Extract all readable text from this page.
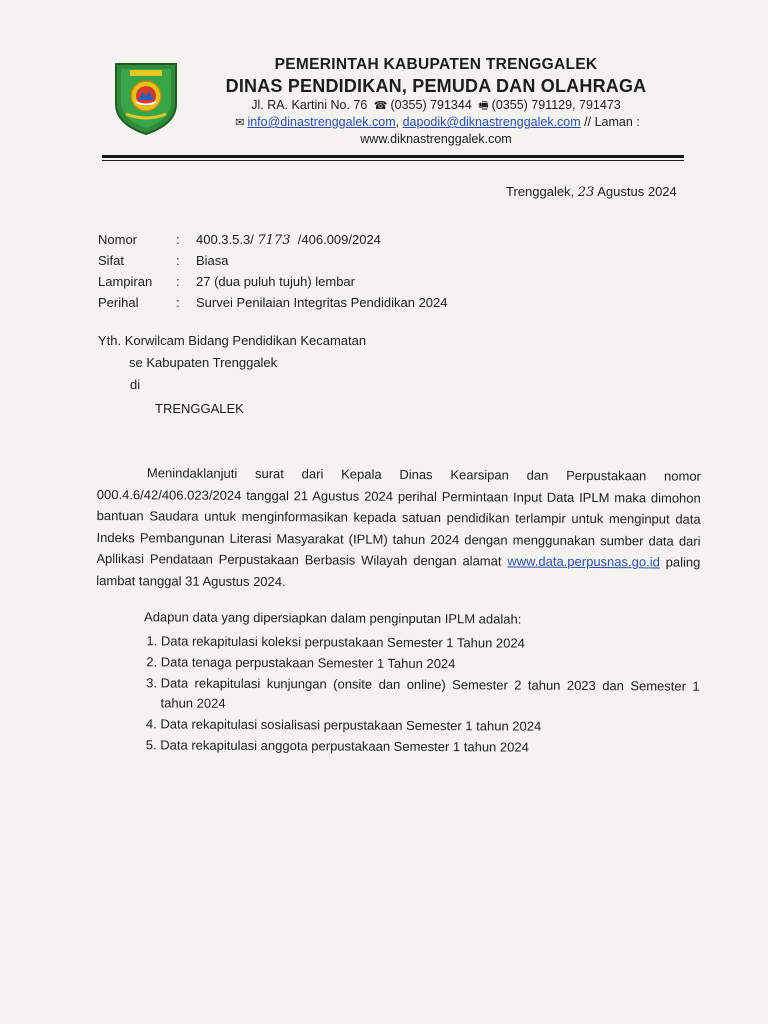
PEMERINTAH KABUPATEN TRENGGALEK
DINAS PENDIDIKAN, PEMUDA DAN OLAHRAGA
Jl. RA. Kartini No. 76 ☎ (0355) 791344 🖷 (0355) 791129, 791473
✉ info@dinastrenggalek.com, dapodik@diknastrenggalek.com // Laman :
www.diknastrenggalek.com
Trenggalek, 23 Agustus 2024
Nomor	:	400.3.5.3/ 7173 /406.009/2024
Sifat	:	Biasa
Lampiran	:	27 (dua puluh tujuh) lembar
Perihal	:	Survei Penilaian Integritas Pendidikan 2024
Yth. Korwilcam Bidang Pendidikan Kecamatan
se Kabupaten Trenggalek
di
TRENGGALEK

Menindaklanjuti surat dari Kepala Dinas Kearsipan dan Perpustakaan nomor 000.4.6/42/406.023/2024 tanggal 21 Agustus 2024 perihal Permintaan Input Data IPLM maka dimohon bantuan Saudara untuk menginformasikan kepada satuan pendidikan terlampir untuk menginput data Indeks Pembangunan Literasi Masyarakat (IPLM) tahun 2024 dengan menggunakan sumber data dari Apllikasi Pendataan Perpustakaan Berbasis Wilayah dengan alamat www.data.perpusnas.go.id paling lambat tanggal 31 Agustus 2024.

Adapun data yang dipersiapkan dalam penginputan IPLM adalah:
1. Data rekapitulasi koleksi perpustakaan Semester 1 Tahun 2024
2. Data tenaga perpustakaan Semester 1 Tahun 2024
3. Data rekapitulasi kunjungan (onsite dan online) Semester 2 tahun 2023 dan Semester 1 tahun 2024
4. Data rekapitulasi sosialisasi perpustakaan Semester 1 tahun 2024
5. Data rekapitulasi anggota perpustakaan Semester 1 tahun 2024
